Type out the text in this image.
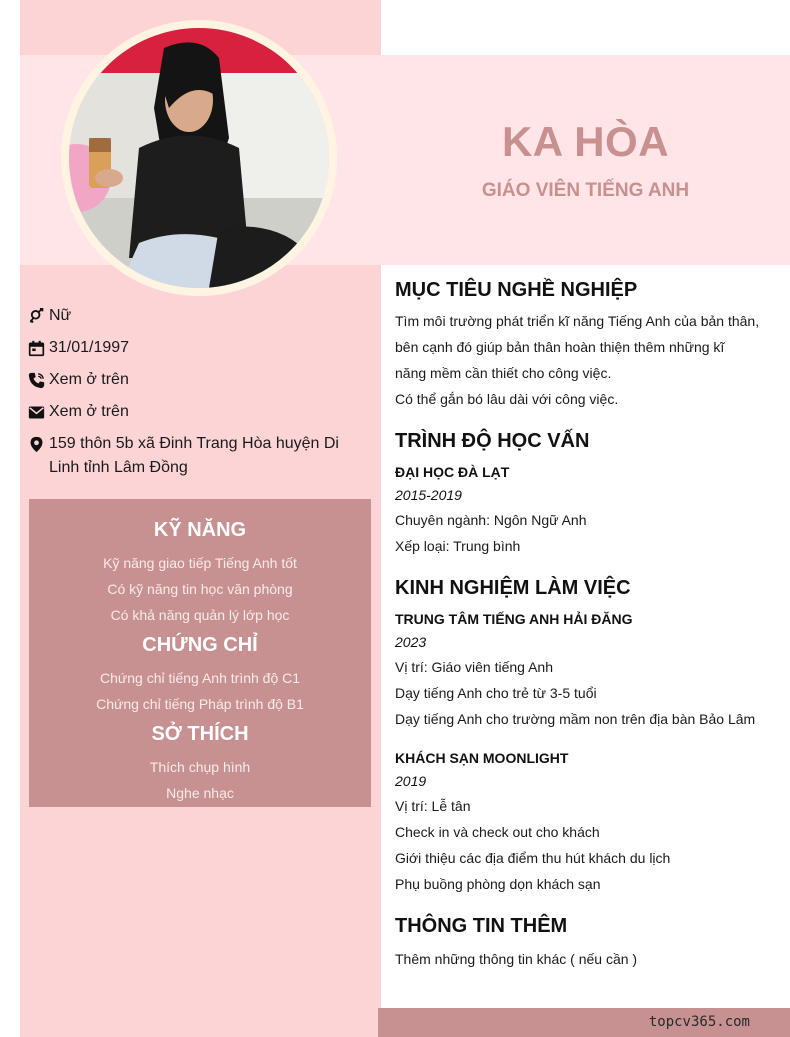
KA HÒA
GIÁO VIÊN TIẾNG ANH
Nữ
31/01/1997
Xem ở trên
Xem ở trên
159 thôn 5b xã Đinh Trang Hòa huyện Di Linh tỉnh Lâm Đồng
KỸ NĂNG
Kỹ năng giao tiếp Tiếng Anh tốt
Có kỹ năng tin học văn phòng
Có khả năng quản lý lớp học
CHỨNG CHỈ
Chứng chỉ tiếng Anh trình độ C1
Chứng chỉ tiếng Pháp trình độ B1
SỞ THÍCH
Thích chụp hình
Nghe nhạc
MỤC TIÊU NGHỀ NGHIỆP
Tìm môi trường phát triển kĩ năng Tiếng Anh của bản thân,
bên cạnh đó giúp bản thân hoàn thiện thêm những kĩ
năng mềm cần thiết cho công việc.
Có thể gắn bó lâu dài với công việc.
TRÌNH ĐỘ HỌC VẤN
ĐẠI HỌC ĐÀ LẠT
2015-2019
Chuyên ngành: Ngôn Ngữ Anh
Xếp loại: Trung bình
KINH NGHIỆM LÀM VIỆC
TRUNG TÂM TIẾNG ANH HẢI ĐĂNG
2023
Vị trí: Giáo viên tiếng Anh
Dạy tiếng Anh cho trẻ từ 3-5 tuổi
Dạy tiếng Anh cho trường mầm non trên địa bàn Bảo Lâm
KHÁCH SẠN MOONLIGHT
2019
Vị trí: Lễ tân
Check in và check out cho khách
Giới thiệu các địa điểm thu hút khách du lịch
Phụ buồng phòng dọn khách sạn
THÔNG TIN THÊM
Thêm những thông tin khác ( nếu cần )
topcv365.com
